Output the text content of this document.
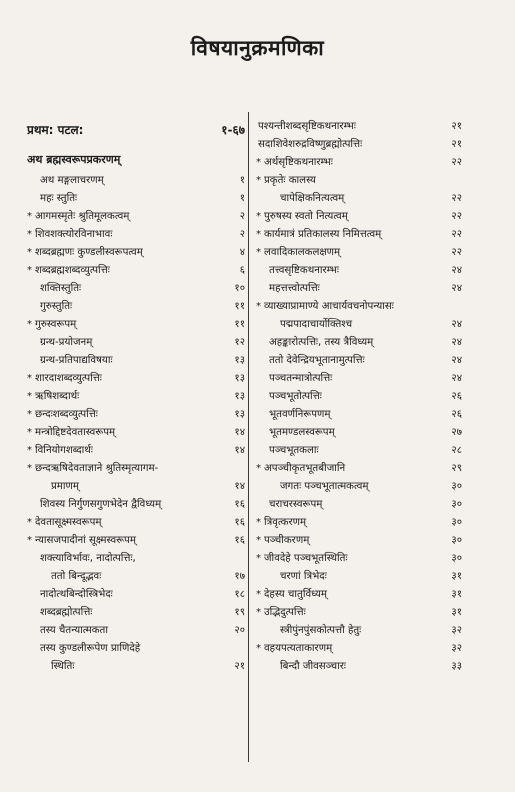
विषयानुक्रमणिका
प्रथम: पटल:	१-६७
अथ ब्रह्मस्वरूपप्रकरणम्
अथ मङ्गलाचरणम्	१
महः स्तुतिः	१
* आगमस्मृतेः श्रुतिमूलकत्वम्	२
* शिवशक्त्योरविनाभावः	२
* शब्दब्रह्मणः कुण्डलीस्वरूपत्वम्	४
* शब्दब्रह्मशब्दव्युत्पत्तिः	६
शक्तिस्तुतिः	१०
गुरुस्तुतिः	११
* गुरुस्वरूपम्	११
ग्रन्थ-प्रयोजनम्	१२
ग्रन्थ-प्रतिपाद्यविषयाः	१३
* शारदाशब्दव्युत्पत्तिः	१३
* ऋषिशब्दार्थः	१३
* छन्दःशब्दव्युत्पत्तिः	१३
* मन्त्रोद्दिष्टदेवतास्वरूपम्	१४
* विनियोगशब्दार्थः	१४
* छन्दऋषिदेवताज्ञाने श्रुतिस्मृत्यागम-
प्रमाणम्	१४
शिवस्य निर्गुणसगुणभेदेन द्वैविध्यम्	१६
* देवतासूक्ष्मस्वरूपम्	१६
* न्यासजपादीनां सूक्ष्मस्वरूपम्	१६
शक्त्याविर्भावः, नादोत्पत्तिः,
ततो बिन्दूद्भवः	१७
नादोत्थबिन्दोस्त्रिभेदः	१८
शब्दब्रह्मोत्पत्तिः	१९
तस्य चैतन्यात्मकता	२०
तस्य कुण्डलीरूपेण प्राणिदेहे
स्थितिः	२१
पश्यन्तीशब्दसृष्टिकथनारम्भः	२१
सदाशिवेशरुद्रविष्णुब्रह्मोत्पत्तिः	२१
* अर्थसृष्टिकथनारम्भः	२२
* प्रकृतेः कालस्य
चापेक्षिकनित्यत्वम्	२२
* पुरुषस्य स्वतो नित्यत्वम्	२२
* कार्यमात्रं प्रतिकालस्य निमित्तत्वम्	२२
* लवादिकालकलक्षणम्	२२
तत्त्वसृष्टिकथनारम्भः	२४
महत्तत्त्वोत्पत्तिः	२४
* व्याख्याप्रामाण्ये आचार्यवचनोपन्यासः
पद्मपादाचार्योक्तिश्च	२४
अहङ्कारोत्पत्तिः, तस्य त्रैविध्यम्	२४
ततो देवेन्द्रियभूतानामुत्पत्तिः	२४
पञ्चतन्मात्रोत्पत्तिः	२४
पञ्चभूतोत्पत्तिः	२६
भूतवर्णनिरूपणम्	२६
भूतमण्डलस्वरूपम्	२७
पञ्चभूतकलाः	२८
* अपञ्चीकृतभूतबीजानि	२९
जगतः पञ्चभूतात्मकत्वम्	३०
चराचरस्वरूपम्	३०
* त्रिवृत्करणम्	३०
* पञ्चीकरणम्	३०
* जीवदेहे पञ्चभूतस्थितिः	३०
चरणां त्रिभेदः	३१
* देहस्य चातुर्विध्यम्	३१
* उद्भिदुत्पत्तिः	३१
स्त्रीपुंनपुंसकोत्पत्तौ हेतुः	३२
* वहयपत्यताकारणम्	३२
बिन्दौ जीवसञ्चारः	३३
